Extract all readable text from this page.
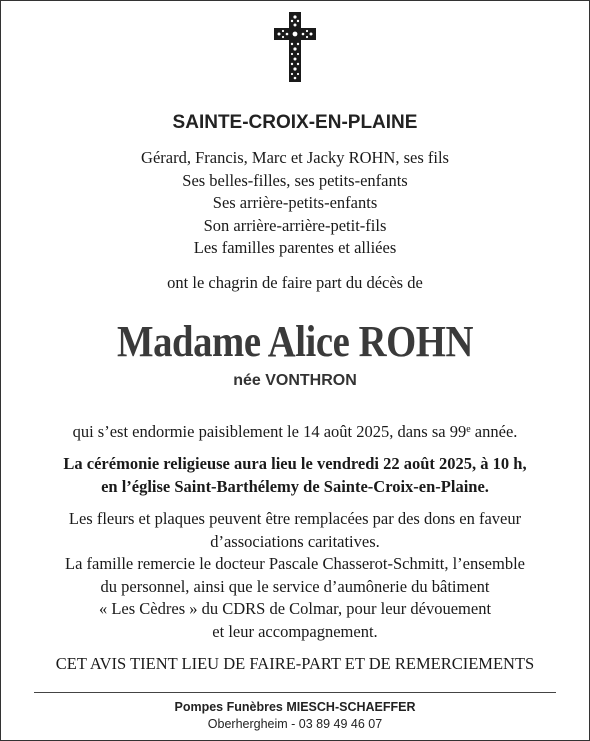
SAINTE-CROIX-EN-PLAINE
Gérard, Francis, Marc et Jacky ROHN, ses fils
Ses belles-filles, ses petits-enfants
Ses arrière-petits-enfants
Son arrière-arrière-petit-fils
Les familles parentes et alliées
ont le chagrin de faire part du décès de
Madame Alice ROHN
née VONTHRON
qui s’est endormie paisiblement le 14 août 2025, dans sa 99e année.
La cérémonie religieuse aura lieu le vendredi 22 août 2025, à 10 h,
en l’église Saint-Barthélemy de Sainte-Croix-en-Plaine.
Les fleurs et plaques peuvent être remplacées par des dons en faveur
d’associations caritatives.
La famille remercie le docteur Pascale Chasserot-Schmitt, l’ensemble
du personnel, ainsi que le service d’aumônerie du bâtiment
« Les Cèdres » du CDRS de Colmar, pour leur dévouement
et leur accompagnement.
CET AVIS TIENT LIEU DE FAIRE-PART ET DE REMERCIEMENTS
Pompes Funèbres MIESCH-SCHAEFFER
Oberhergheim - 03 89 49 46 07
